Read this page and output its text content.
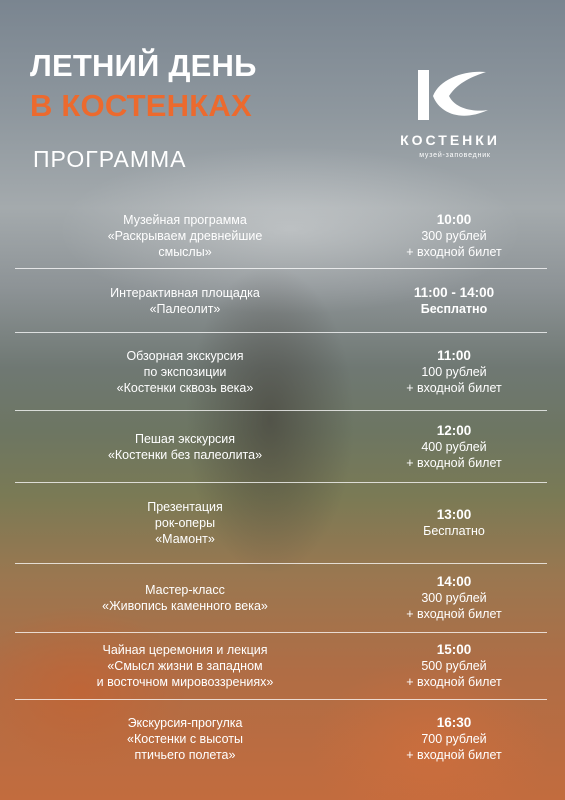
ЛЕТНИЙ ДЕНЬ
В КОСТЕНКАХ
ПРОГРАММА
КОСТЕНКИ
музей-заповедник
Музейная программа
«Раскрываем древнейшие
смыслы»
10:00
300 рублей
+ входной билет
Интерактивная площадка
«Палеолит»
11:00 - 14:00
Бесплатно
Обзорная экскурсия
по экспозиции
«Костенки сквозь века»
11:00
100 рублей
+ входной билет
Пешая экскурсия
«Костенки без палеолита»
12:00
400 рублей
+ входной билет
Презентация
рок-оперы
«Мамонт»
13:00
Бесплатно
Мастер-класс
«Живопись каменного века»
14:00
300 рублей
+ входной билет
Чайная церемония и лекция
«Смысл жизни в западном
и восточном мировоззрениях»
15:00
500 рублей
+ входной билет
Экскурсия-прогулка
«Костенки с высоты
птичьего полета»
16:30
700 рублей
+ входной билет
